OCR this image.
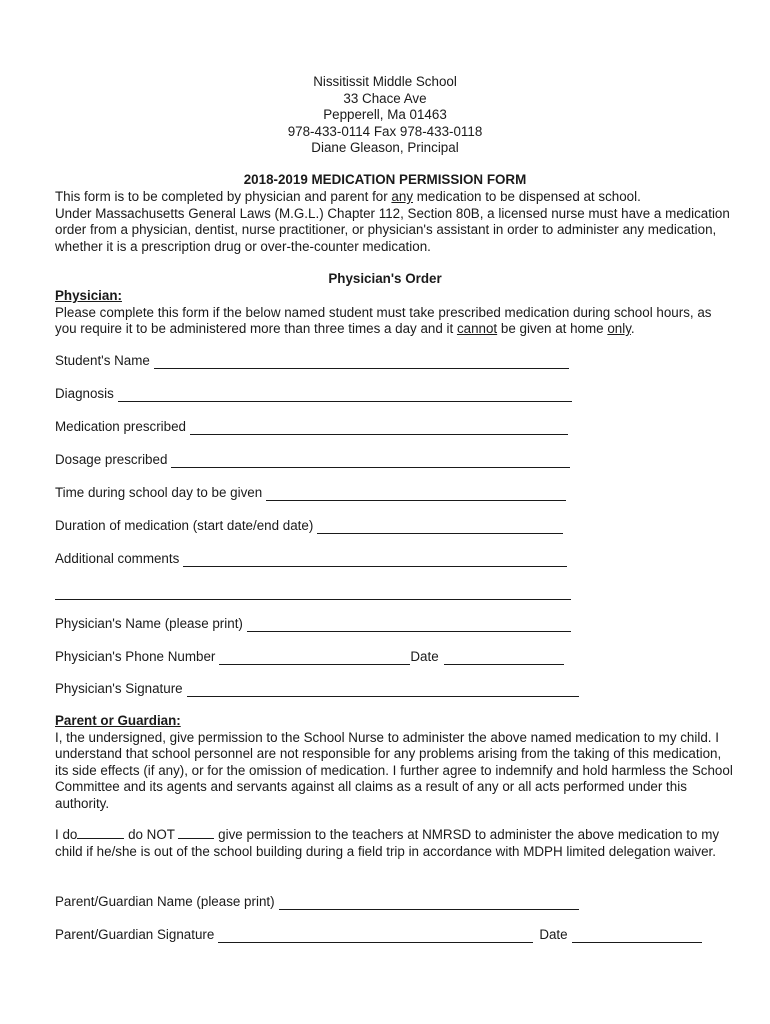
Nissitissit Middle School
33 Chace Ave
Pepperell, Ma 01463
978-433-0114 Fax 978-433-0118
Diane Gleason, Principal
2018-2019 MEDICATION PERMISSION FORM
This form is to be completed by physician and parent for any medication to be dispensed at school.
Under Massachusetts General Laws (M.G.L.) Chapter 112, Section 80B, a licensed nurse must have a medication order from a physician, dentist, nurse practitioner, or physician's assistant in order to administer any medication, whether it is a prescription drug or over-the-counter medication.
Physician's Order
Physician:
Please complete this form if the below named student must take prescribed medication during school hours, as you require it to be administered more than three times a day and it cannot be given at home only.
Student's Name
Diagnosis
Medication prescribed
Dosage prescribed
Time during school day to be given
Duration of medication (start date/end date)
Additional comments
Physician's Name (please print)
Physician's Phone Number	Date
Physician's Signature
Parent or Guardian:
I, the undersigned, give permission to the School Nurse to administer the above named medication to my child. I understand that school personnel are not responsible for any problems arising from the taking of this medication, its side effects (if any), or for the omission of medication. I further agree to indemnify and hold harmless the School Committee and its agents and servants against all claims as a result of any or all acts performed under this authority.
I do	do NOT	give permission to the teachers at NMRSD to administer the above medication to my child if he/she is out of the school building during a field trip in accordance with MDPH limited delegation waiver.
Parent/Guardian Name (please print)
Parent/Guardian Signature	Date
